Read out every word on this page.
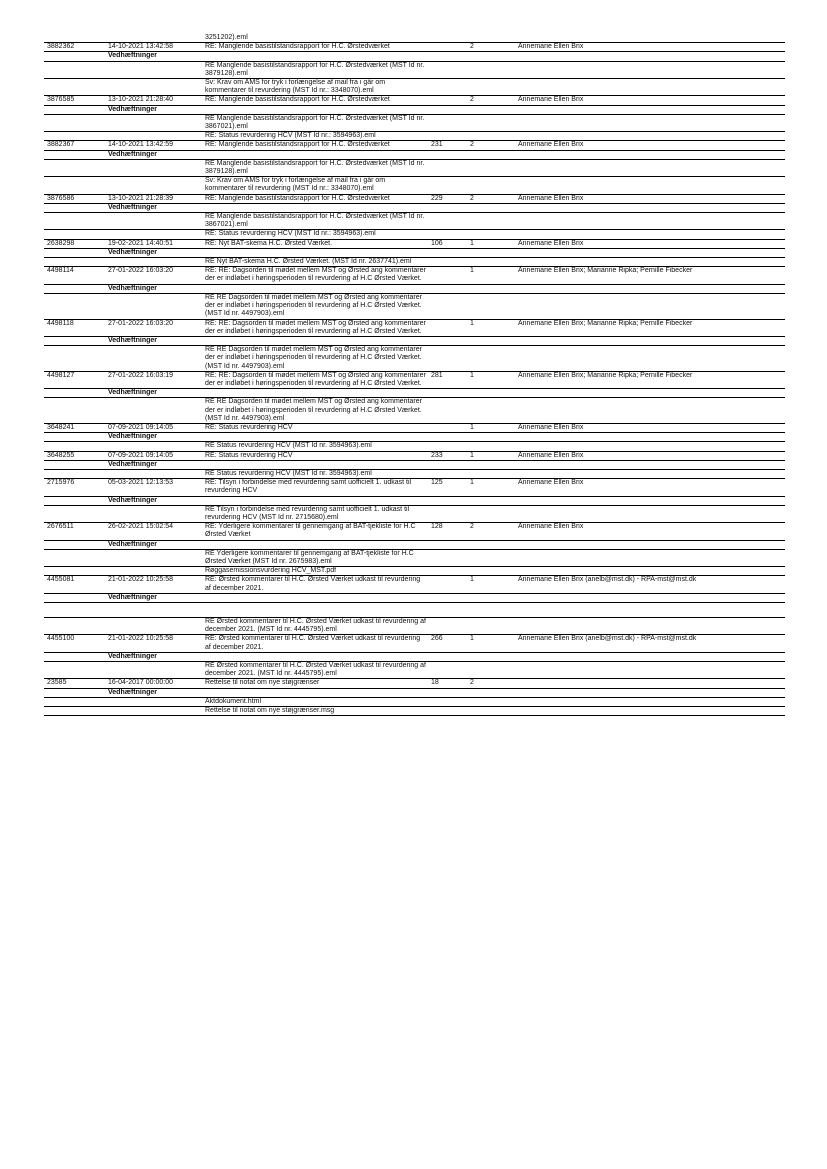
		3251202).eml			
3882362	14-10-2021 13:42:58	RE: Manglende basistilstandsrapport for H.C. Ørstedværket		2	Annemarie Ellen Brix
	Vedhæftninger				
		RE Manglende basistilstandsrapport for H.C. Ørstedværket (MST Id nr. 3879128).eml			
		Sv: Krav om AMS for tryk i forlængelse af mail fra i går om kommentarer til revurdering (MST Id nr.: 3348070).eml			
3876585	13-10-2021 21:28:40	RE: Manglende basistilstandsrapport for H.C. Ørstedværket		2	Annemarie Ellen Brix
	Vedhæftninger				
		RE Manglende basistilstandsrapport for H.C. Ørstedværket (MST Id nr. 3867021).eml			
		RE: Status revurdering HCV (MST Id nr.: 3594963).eml			
3882367	14-10-2021 13:42:59	RE: Manglende basistilstandsrapport for H.C. Ørstedværket	231	2	Annemarie Ellen Brix
	Vedhæftninger				
		RE Manglende basistilstandsrapport for H.C. Ørstedværket (MST Id nr. 3879128).eml			
		Sv: Krav om AMS for tryk i forlængelse af mail fra i går om kommentarer til revurdering (MST Id nr.: 3348070).eml			
3876586	13-10-2021 21:28:39	RE: Manglende basistilstandsrapport for H.C. Ørstedværket	229	2	Annemarie Ellen Brix
	Vedhæftninger				
		RE Manglende basistilstandsrapport for H.C. Ørstedværket (MST Id nr. 3867021).eml			
		RE: Status revurdering HCV (MST Id nr.: 3594963).eml			
2638298	19-02-2021 14:40:51	RE: Nyt BAT-skema H.C. Ørsted Værket.	106	1	Annemarie Ellen Brix
	Vedhæftninger				
		RE Nyt BAT-skema H.C. Ørsted Værket. (MST Id nr. 2637741).eml			
4498114	27-01-2022 16:03:20	RE: RE: Dagsorden til mødet mellem MST og Ørsted ang kommentarer der er indløbet i høringsperioden til revurdering af H.C Ørsted Værket.		1	Annemarie Ellen Brix; Marianne Ripka; Pernille Fibecker
	Vedhæftninger				
		RE RE Dagsorden til mødet mellem MST og Ørsted ang kommentarer der er indløbet i høringsperioden til revurdering af H.C Ørsted Værket. (MST Id nr. 4497903).eml			
4498118	27-01-2022 16:03:20	RE: RE: Dagsorden til mødet mellem MST og Ørsted ang kommentarer der er indløbet i høringsperioden til revurdering af H.C Ørsted Værket.		1	Annemarie Ellen Brix; Marianne Ripka; Pernille Fibecker
	Vedhæftninger				
		RE RE Dagsorden til mødet mellem MST og Ørsted ang kommentarer der er indløbet i høringsperioden til revurdering af H.C Ørsted Værket. (MST Id nr. 4497903).eml			
4498127	27-01-2022 16:03:19	RE: RE: Dagsorden til mødet mellem MST og Ørsted ang kommentarer der er indløbet i høringsperioden til revurdering af H.C Ørsted Værket.	281	1	Annemarie Ellen Brix; Marianne Ripka; Pernille Fibecker
	Vedhæftninger				
		RE RE Dagsorden til mødet mellem MST og Ørsted ang kommentarer der er indløbet i høringsperioden til revurdering af H.C Ørsted Værket. (MST Id nr. 4497903).eml			
3648241	07-09-2021 09:14:05	RE: Status revurdering HCV		1	Annemarie Ellen Brix
	Vedhæftninger				
		RE Status revurdering HCV (MST Id nr. 3594963).eml			
3648255	07-09-2021 09:14:05	RE: Status revurdering HCV	233	1	Annemarie Ellen Brix
	Vedhæftninger				
		RE Status revurdering HCV (MST Id nr. 3594963).eml			
2715976	05-03-2021 12:13:53	RE: Tilsyn i forbindelse med revurdering samt uofficielt 1. udkast til revurdering HCV	125	1	Annemarie Ellen Brix
	Vedhæftninger				
		RE Tilsyn i forbindelse med revurdering samt uofficielt 1. udkast til revurdering HCV (MST Id nr. 2715680).eml			
2676511	26-02-2021 15:02:54	RE: Yderligere kommentarer til gennemgang af BAT-tjekliste for H.C Ørsted Værket	128	2	Annemarie Ellen Brix
	Vedhæftninger				
		RE Yderligere kommentarer til gennemgang af BAT-tjekliste for H.C Ørsted Værket (MST Id nr. 2675983).eml			
		Røggasemissionsvurdering HCV_MST.pdf			
4455081	21-01-2022 10:25:58	RE: Ørsted kommentarer til H.C. Ørsted Værket udkast til revurdering af december 2021.		1	Annemarie Ellen Brix (anelb@mst.dk) - RPA-mst@mst.dk
	Vedhæftninger				

		RE Ørsted kommentarer til H.C. Ørsted Værket udkast til revurdering af december 2021. (MST Id nr. 4445795).eml			
4455100	21-01-2022 10:25:58	RE: Ørsted kommentarer til H.C. Ørsted Værket udkast til revurdering af december 2021.	266	1	Annemarie Ellen Brix (anelb@mst.dk) - RPA-mst@mst.dk
	Vedhæftninger				
		RE Ørsted kommentarer til H.C. Ørsted Værket udkast til revurdering af december 2021. (MST Id nr. 4445795).eml			
23585	16-04-2017 00:00:00	Rettelse til notat om nye støjgrænser	18	2	
	Vedhæftninger				
		Aktdokument.html			
		Rettelse til notat om nye støjgrænser.msg			
